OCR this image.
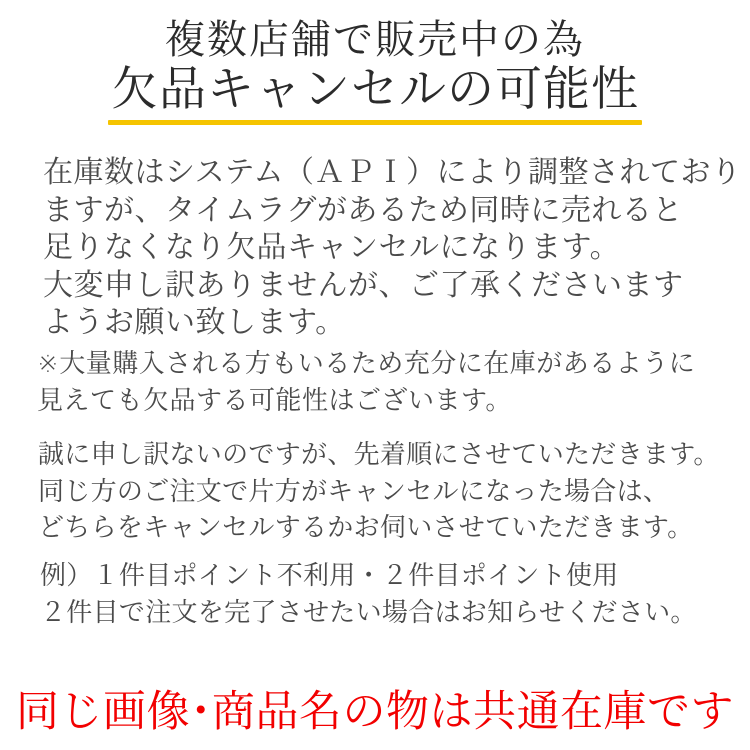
複数店舗で販売中の為
欠品キャンセルの可能性
在庫数はシステム（ＡＰＩ）により調整されており
ますが、タイムラグがあるため同時に売れると
足りなくなり欠品キャンセルになります。
大変申し訳ありませんが、ご了承くださいます
ようお願い致します。
※大量購入される方もいるため充分に在庫があるように
見えても欠品する可能性はございます。
誠に申し訳ないのですが、先着順にさせていただきます。
同じ方のご注文で片方がキャンセルになった場合は、
どちらをキャンセルするかお伺いさせていただきます。
例）１件目ポイント不利用・２件目ポイント使用
２件目で注文を完了させたい場合はお知らせください。
同じ画像･商品名の物は共通在庫です
